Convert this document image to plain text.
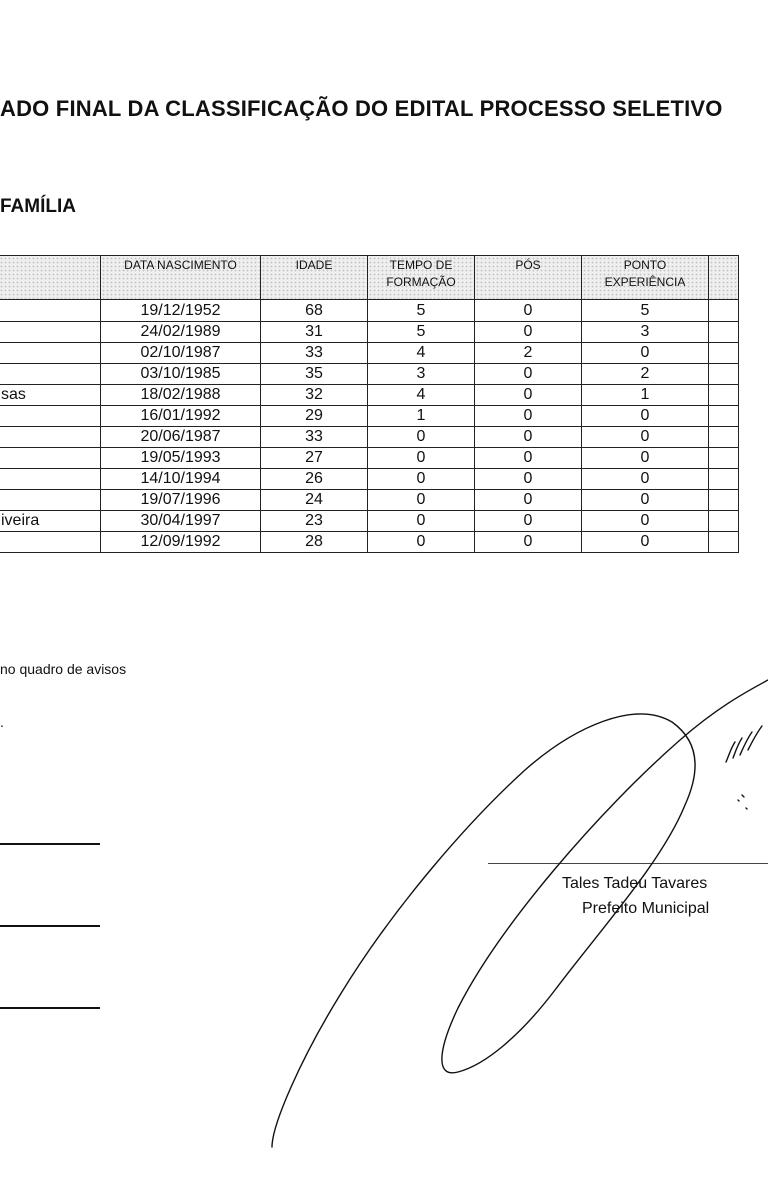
ADO FINAL DA CLASSIFICAÇÃO DO EDITAL PROCESSO SELETIVO
FAMÍLIA
	DATA NASCIMENTO	IDADE	TEMPO DE FORMAÇÃO	PÓS	PONTO EXPERIÊNCIA	
	19/12/1952	68	5	0	5	
	24/02/1989	31	5	0	3	
	02/10/1987	33	4	2	0	
	03/10/1985	35	3	0	2	
sas	18/02/1988	32	4	0	1	
	16/01/1992	29	1	0	0	
	20/06/1987	33	0	0	0	
	19/05/1993	27	0	0	0	
	14/10/1994	26	0	0	0	
	19/07/1996	24	0	0	0	
iveira	30/04/1997	23	0	0	0	
	12/09/1992	28	0	0	0	
no quadro de avisos
.
Tales Tadeu Tavares
Prefeito Municipal
